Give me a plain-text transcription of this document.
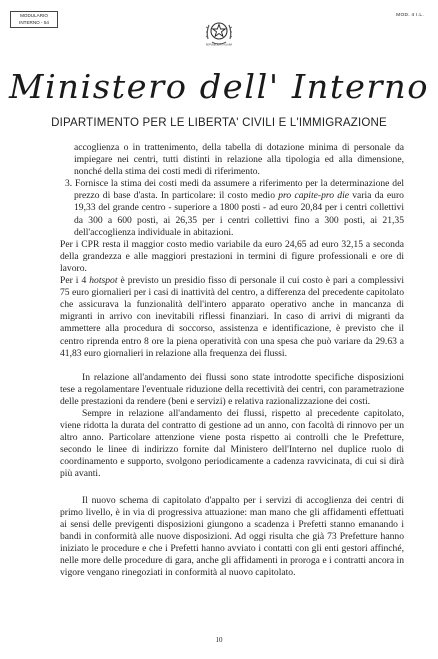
MODULARIO
INTERNO - 54
MOD. 4 I.L.
REPVBBLICA ITALIANA
Ministero dell' Interno
DIPARTIMENTO PER LE LIBERTA' CIVILI E L'IMMIGRAZIONE

accoglienza o in trattenimento, della tabella di dotazione minima di personale da impiegare nei centri, tutti distinti in relazione alla tipologia ed alla dimensione, nonché della stima dei costi medi di riferimento.

3. Fornisce la stima dei costi medi da assumere a riferimento per la determinazione del prezzo di base d'asta. In particolare: il costo medio pro capite-pro die varia da euro 19,33 del grande centro - superiore a 1800 posti - ad euro 20,84 per i centri collettivi da 300 a 600 posti, ai 26,35 per i centri collettivi fino a 300 posti, ai 21,35 dell'accoglienza individuale in abitazioni.

Per i CPR resta il maggior costo medio variabile da euro 24,65 ad euro 32,15 a seconda della grandezza e alle maggiori prestazioni in termini di figure professionali e ore di lavoro.

Per i 4 hotspot è previsto un presidio fisso di personale il cui costo è pari a complessivi 75 euro giornalieri per i casi di inattività del centro, a differenza del precedente capitolato che assicurava la funzionalità dell'intero apparato operativo anche in mancanza di migranti in arrivo con inevitabili riflessi finanziari. In caso di arrivi di migranti da ammettere alla procedura di soccorso, assistenza e identificazione, è previsto che il centro riprenda entro 8 ore la piena operatività con una spesa che può variare da 29.63 a 41,83 euro giornalieri in relazione alla frequenza dei flussi.

In relazione all'andamento dei flussi sono state introdotte specifiche disposizioni tese a regolamentare l'eventuale riduzione della recettività dei centri, con parametrazione delle prestazioni da rendere (beni e servizi) e relativa razionalizzazione dei costi.

Sempre in relazione all'andamento dei flussi, rispetto al precedente capitolato, viene ridotta la durata del contratto di gestione ad un anno, con facoltà di rinnovo per un altro anno. Particolare attenzione viene posta rispetto ai controlli che le Prefetture, secondo le linee di indirizzo fornite dal Ministero dell'Interno nel duplice ruolo di coordinamento e supporto, svolgono periodicamente a cadenza ravvicinata, di cui si dirà più avanti.

Il nuovo schema di capitolato d'appalto per i servizi di accoglienza dei centri di primo livello, è in via di progressiva attuazione: man mano che gli affidamenti effettuati ai sensi delle previgenti disposizioni giungono a scadenza i Prefetti stanno emanando i bandi in conformità alle nuove disposizioni. Ad oggi risulta che già 73 Prefetture hanno iniziato le procedure e che i Prefetti hanno avviato i contatti con gli enti gestori affinché, nelle more delle procedure di gara, anche gli affidamenti in proroga e i contratti ancora in vigore vengano rinegoziati in conformità al nuovo capitolato.

10
